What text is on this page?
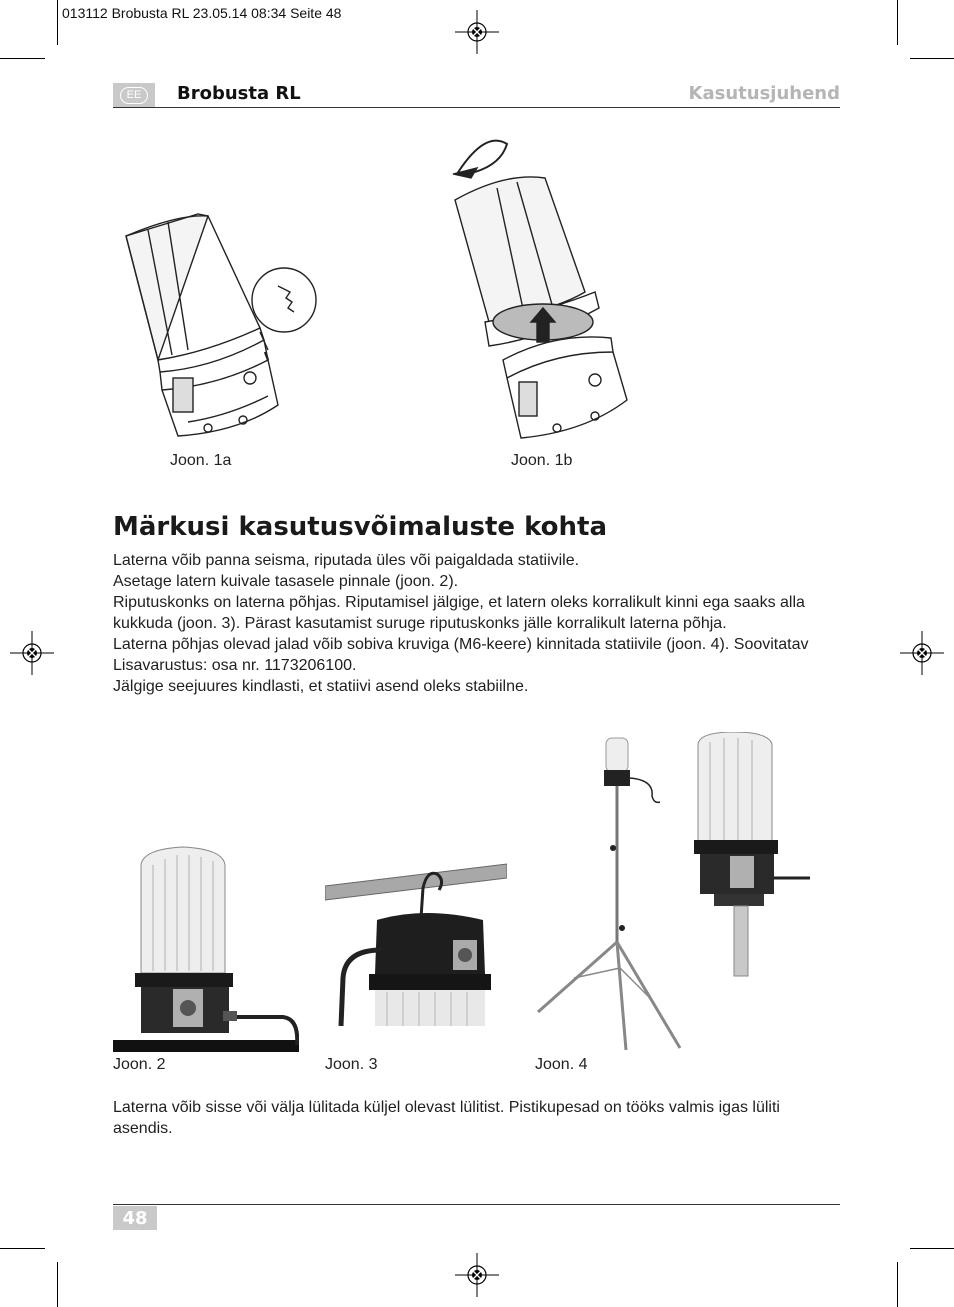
013112 Brobusta RL 23.05.14 08:34 Seite 48
EE	Brobusta RL	Kasutusjuhend
Joon. 1a	Joon. 1b
Märkusi kasutusvõimaluste kohta

Laterna võib panna seisma, riputada üles või paigaldada statiivile.

Asetage latern kuivale tasasele pinnale (joon. 2).

Riputuskonks on laterna põhjas. Riputamisel jälgige, et latern oleks korralikult kinni ega saaks alla kukkuda (joon. 3). Pärast kasutamist suruge riputuskonks jälle korralikult laterna põhja.

Laterna põhjas olevad jalad võib sobiva kruviga (M6-keere) kinnitada statiivile (joon. 4). Soovitatav Lisavarustus: osa nr. 1173206100.

Jälgige seejuures kindlasti, et statiivi asend oleks stabiilne.

Joon. 2	Joon. 3	Joon. 4
Laterna võib sisse või välja lülitada küljel olevast lülitist. Pistikupesad on tööks valmis igas lüliti asendis.
48
